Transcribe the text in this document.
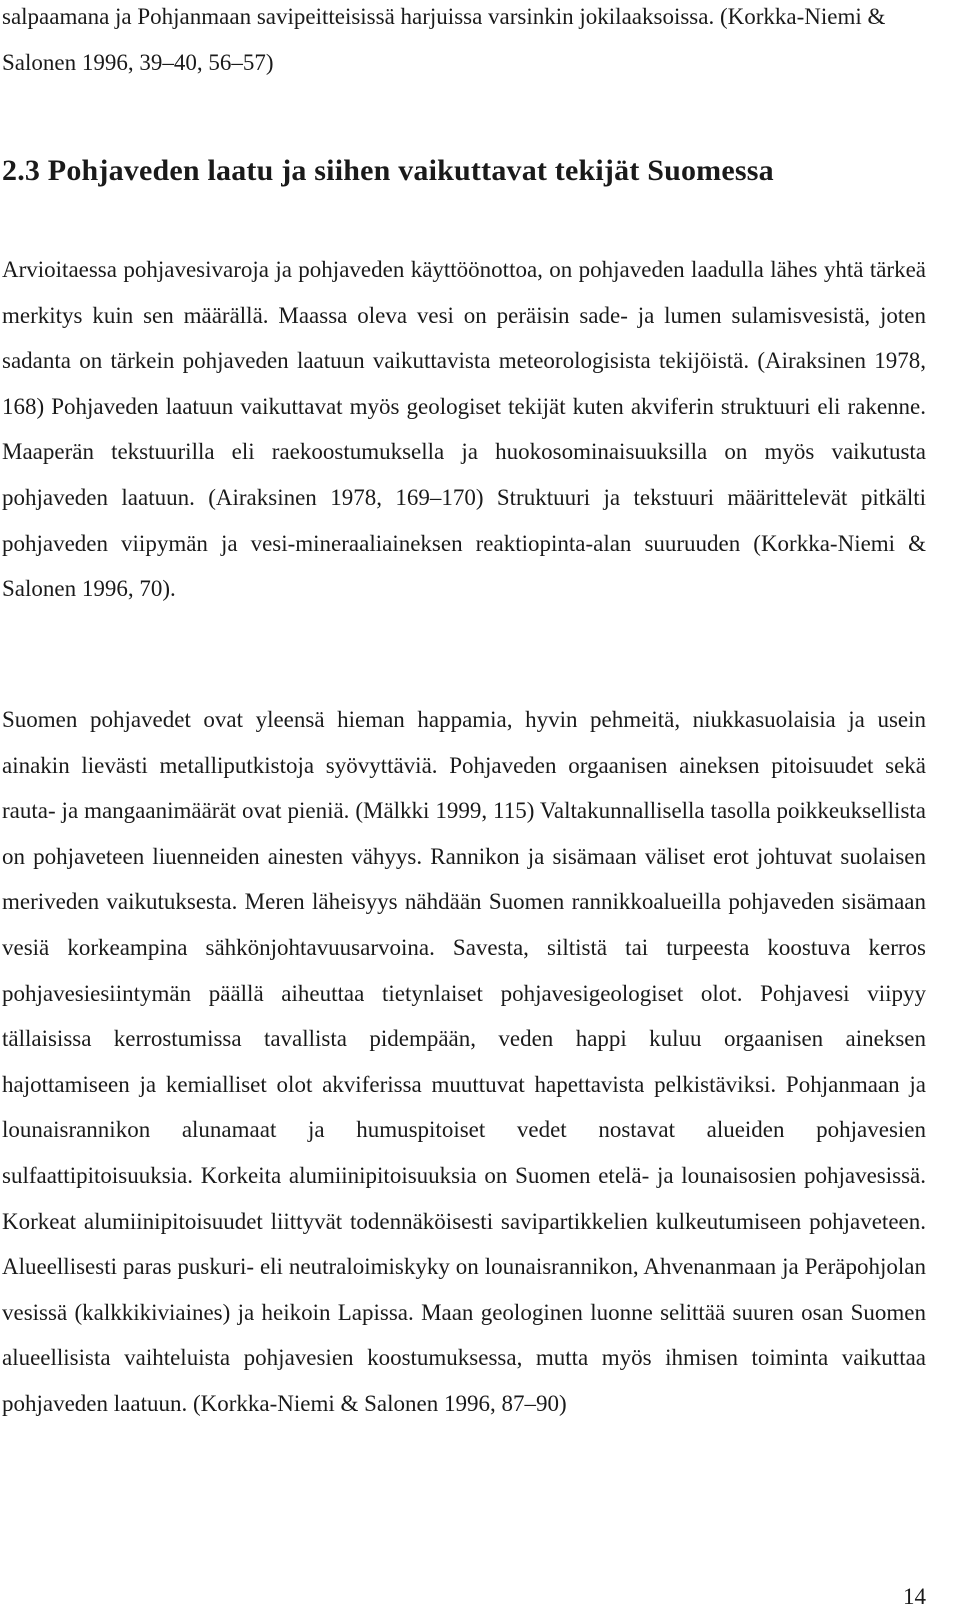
salpaamana ja Pohjanmaan savipeitteisissä harjuissa varsinkin jokilaaksoissa. (Korkka-Niemi & Salonen 1996, 39–40, 56–57)

2.3 Pohjaveden laatu ja siihen vaikuttavat tekijät Suomessa

Arvioitaessa pohjavesivaroja ja pohjaveden käyttöönottoa, on pohjaveden laadulla lähes yhtä tärkeä merkitys kuin sen määrällä. Maassa oleva vesi on peräisin sade- ja lumen sulamisvesistä, joten sadanta on tärkein pohjaveden laatuun vaikuttavista meteorologisista tekijöistä. (Airaksinen 1978, 168) Pohjaveden laatuun vaikuttavat myös geologiset tekijät kuten akviferin struktuuri eli rakenne. Maaperän tekstuurilla eli raekoostumuksella ja huokosominaisuuksilla on myös vaikutusta pohjaveden laatuun. (Airaksinen 1978, 169–170) Struktuuri ja tekstuuri määrittelevät pitkälti pohjaveden viipymän ja vesi-mineraaliaineksen reaktiopinta-alan suuruuden (Korkka-Niemi & Salonen 1996, 70).

Suomen pohjavedet ovat yleensä hieman happamia, hyvin pehmeitä, niukkasuolaisia ja usein ainakin lievästi metalliputkistoja syövyttäviä. Pohjaveden orgaanisen aineksen pitoisuudet sekä rauta- ja mangaanimäärät ovat pieniä. (Mälkki 1999, 115) Valtakunnallisella tasolla poikkeuksellista on pohjaveteen liuenneiden ainesten vähyys. Rannikon ja sisämaan väliset erot johtuvat suolaisen meriveden vaikutuksesta. Meren läheisyys nähdään Suomen rannikkoalueilla pohjaveden sisämaan vesiä korkeampina sähkönjohtavuusarvoina. Savesta, siltistä tai turpeesta koostuva kerros pohjavesiesiintymän päällä aiheuttaa tietynlaiset pohjavesigeologiset olot. Pohjavesi viipyy tällaisissa kerrostumissa tavallista pidempään, veden happi kuluu orgaanisen aineksen hajottamiseen ja kemialliset olot akviferissa muuttuvat hapettavista pelkistäviksi. Pohjanmaan ja lounaisrannikon alunamaat ja humuspitoiset vedet nostavat alueiden pohjavesien sulfaattipitoisuuksia. Korkeita alumiinipitoisuuksia on Suomen etelä- ja lounaisosien pohjavesissä. Korkeat alumiinipitoisuudet liittyvät todennäköisesti savipartikkelien kulkeutumiseen pohjaveteen. Alueellisesti paras puskuri- eli neutraloimiskyky on lounaisrannikon, Ahvenanmaan ja Peräpohjolan vesissä (kalkkikiviaines) ja heikoin Lapissa. Maan geologinen luonne selittää suuren osan Suomen alueellisista vaihteluista pohjavesien koostumuksessa, mutta myös ihmisen toiminta vaikuttaa pohjaveden laatuun. (Korkka-Niemi & Salonen 1996, 87–90)

14
